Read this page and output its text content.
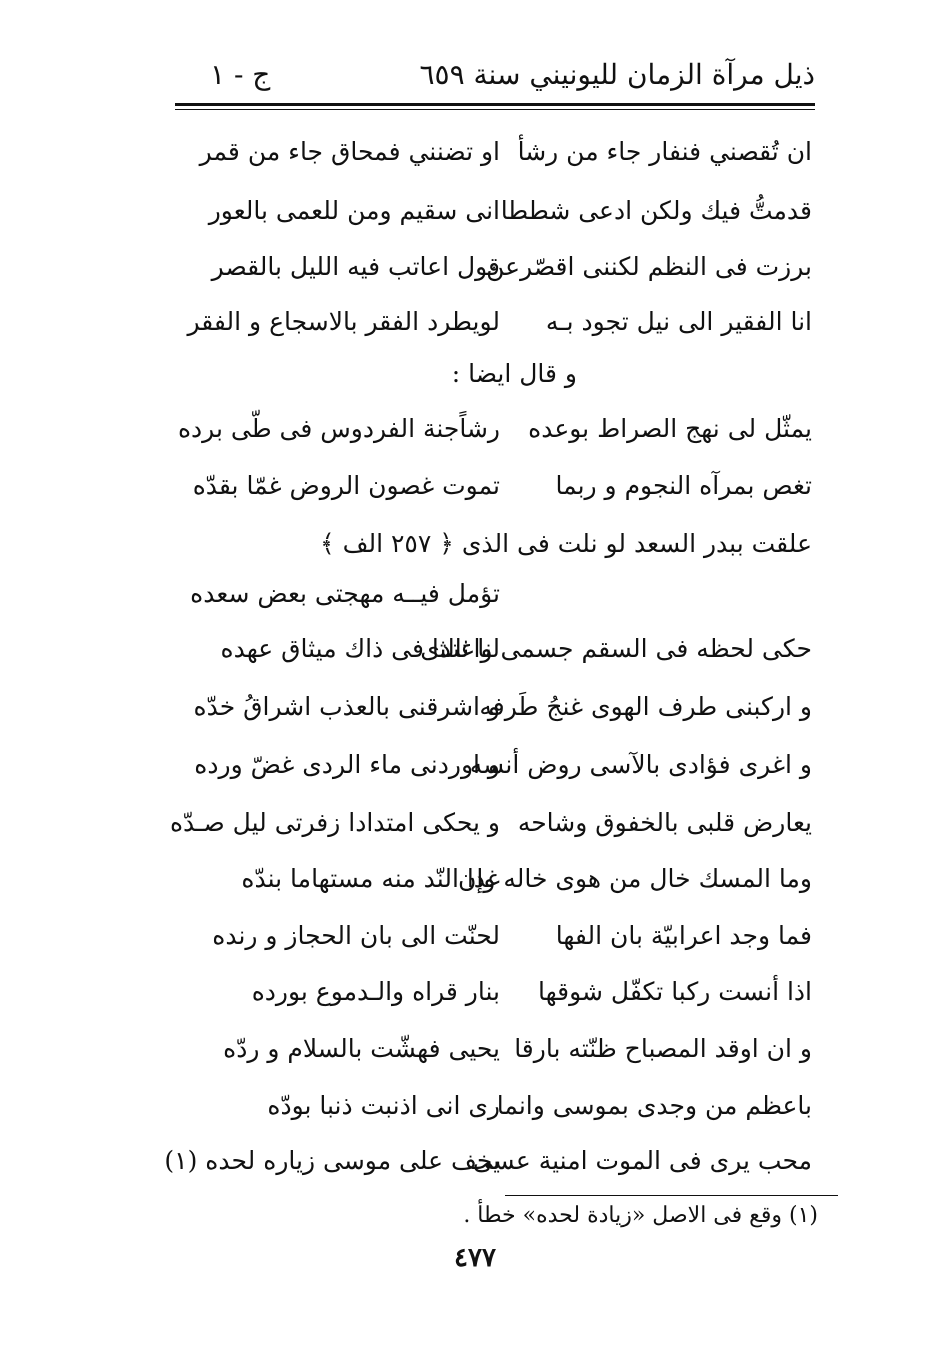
ذيل مرآة الزمان لليونيني سنة ٦٥٩
ج - ١
ان تُقصني فنفار جاء من رشأ
او تضنني فمحاق جاء من قمر
قدمتُّ فيك ولكن ادعى شططا
انى سقيم ومن للعمى بالعور
برزت فى النظم لكننى اقصّرعن
قول اعاتب فيه الليل بالقصر
انا الفقير الى نيل تجود بـه
لويطرد الفقر بالاسجاع و الفقر
و قال ايضا :
يمثّل لى نهج الصراط بوعده
رشاًجنة الفردوس فى طّى برده
تغص بمرآه النجوم و ربما
تموت غصون الروض غمّا بقدّه
علقت ببدر السعد لو نلت فى الذى ﴿ ٢٥٧ الف ﴾
تؤمل فيــه مهجتى بعض سعده
حكى لحظه فى السقم جسمى واغتدى
لنا ثالثا فى ذاك ميثاق عهده
و اركبنى طرف الهوى غنجُ طَرفه
و اشرقنى بالعذب اشراقُ خدّه
و اغرى فؤادى بالآسى روض أنسه
و اوردنى ماء الردى غضّ ورده
يعارض قلبى بالخفوق وشاحه
و يحكى امتدادا زفرتى ليل صـدّه
وما المسك خال من هوى خاله وإن
غدا النّد منه مستهاما بندّه
فما وجد اعرابيّة بان الفها
لحنّت الى بان الحجاز و رنده
اذا أنست ركبا تكفّل شوقها
بنار قراه والـدموع بورده
و ان اوقد المصباح ظنّته بارقا
يحيى فهشّت بالسلام و ردّه
باعظم من وجدى بموسى وانما
رى انى اذنبت ذنبا بودّه
محب يرى فى الموت امنية عسى
يخف على موسى زياره لحده (١)
(١) وقع فى الاصل «زيادة لحده» خطأ .
٤٧٧
